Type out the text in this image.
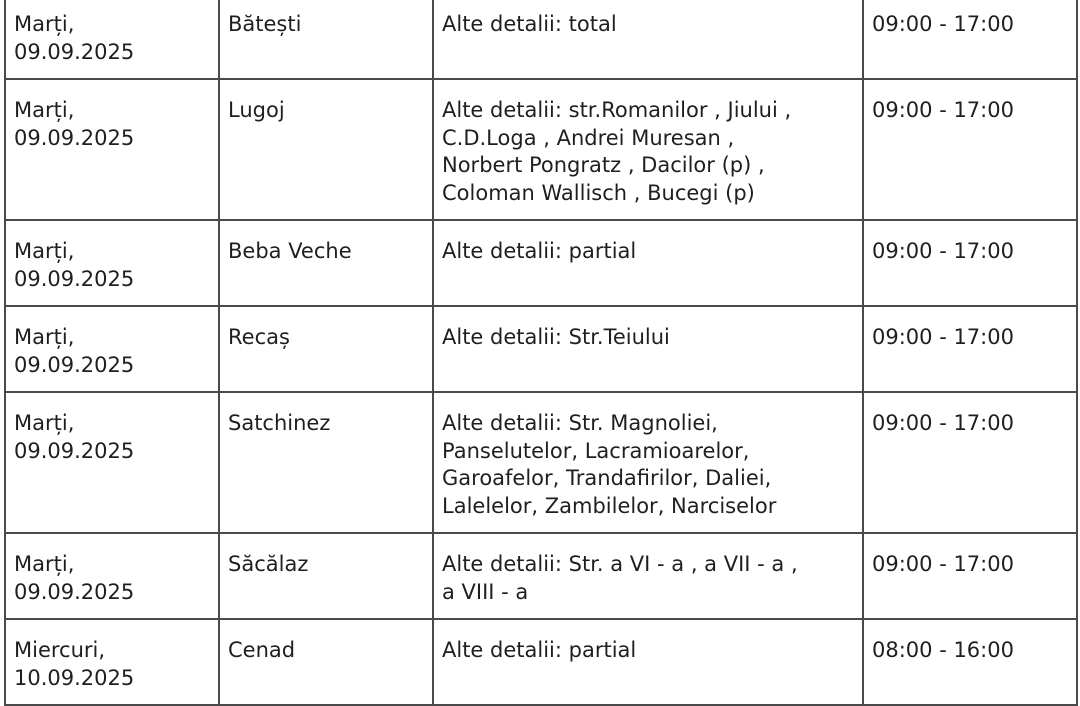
Marți,
09.09.2025	Bătești	Alte detalii: total	09:00 - 17:00

Marți,
09.09.2025	Lugoj	Alte detalii: str.Romanilor , Jiului ,
C.D.Loga , Andrei Muresan ,
Norbert Pongratz , Dacilor (p) ,
Coloman Wallisch , Bucegi (p)	09:00 - 17:00

Marți,
09.09.2025	Beba Veche	Alte detalii: partial	09:00 - 17:00

Marți,
09.09.2025	Recaș	Alte detalii: Str.Teiului	09:00 - 17:00

Marți,
09.09.2025	Satchinez	Alte detalii: Str. Magnoliei,
Panselutelor, Lacramioarelor,
Garoafelor, Trandafirilor, Daliei,
Lalelelor, Zambilelor, Narciselor	09:00 - 17:00

Marți,
09.09.2025	Săcălaz	Alte detalii: Str. a VI - a , a VII - a ,
a VIII - a	09:00 - 17:00

Miercuri,
10.09.2025	Cenad	Alte detalii: partial	08:00 - 16:00
